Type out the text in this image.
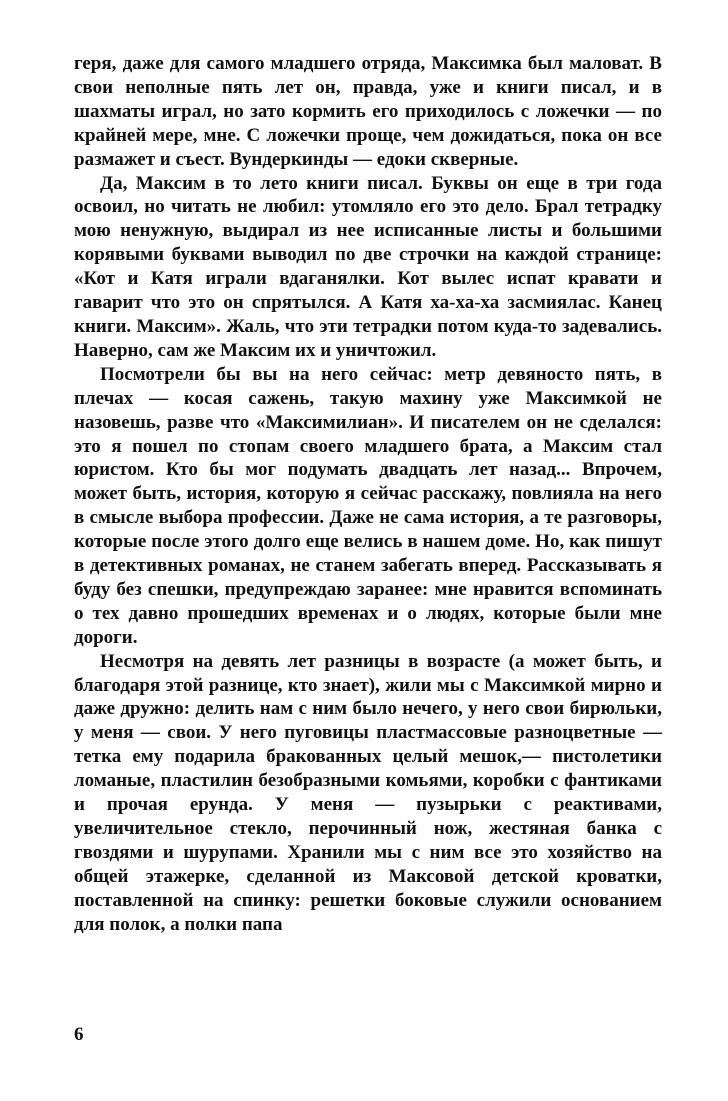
геря, даже для самого младшего отряда, Максимка был маловат. В свои неполные пять лет он, правда, уже и книги писал, и в шахматы играл, но зато кормить его приходилось с ложечки — по крайней мере, мне. С ложечки проще, чем дожидаться, пока он все размажет и съест. Вундеркинды — едоки скверные.

Да, Максим в то лето книги писал. Буквы он еще в три года освоил, но читать не любил: утомляло его это дело. Брал тетрадку мою ненужную, выдирал из нее исписанные листы и большими корявыми буквами выводил по две строчки на каждой странице: «Кот и Катя играли вдаганялки. Кот вылес испат кравати и гаварит что это он спрятылся. А Катя ха-ха-ха засмиялас. Канец книги. Максим». Жаль, что эти тетрадки потом куда-то задевались. Наверно, сам же Максим их и уничтожил.

Посмотрели бы вы на него сейчас: метр девяносто пять, в плечах — косая сажень, такую махину уже Максимкой не назовешь, разве что «Максимилиан». И писателем он не сделался: это я пошел по стопам своего младшего брата, а Максим стал юристом. Кто бы мог подумать двадцать лет назад... Впрочем, может быть, история, которую я сейчас расскажу, повлияла на него в смысле выбора профессии. Даже не сама история, а те разговоры, которые после этого долго еще велись в нашем доме. Но, как пишут в детективных романах, не станем забегать вперед. Рассказывать я буду без спешки, предупреждаю заранее: мне нравится вспоминать о тех давно прошедших временах и о людях, которые были мне дороги.

Несмотря на девять лет разницы в возрасте (а может быть, и благодаря этой разнице, кто знает), жили мы с Максимкой мирно и даже дружно: делить нам с ним было нечего, у него свои бирюльки, у меня — свои. У него пуговицы пластмассовые разноцветные — тетка ему подарила бракованных целый мешок,— пистолетики ломаные, пластилин безобразными комьями, коробки с фантиками и прочая ерунда. У меня — пузырьки с реактивами, увеличительное стекло, перочинный нож, жестяная банка с гвоздями и шурупами. Хранили мы с ним все это хозяйство на общей этажерке, сделанной из Максовой детской кроватки, поставленной на спинку: решетки боковые служили основанием для полок, а полки папа

6
